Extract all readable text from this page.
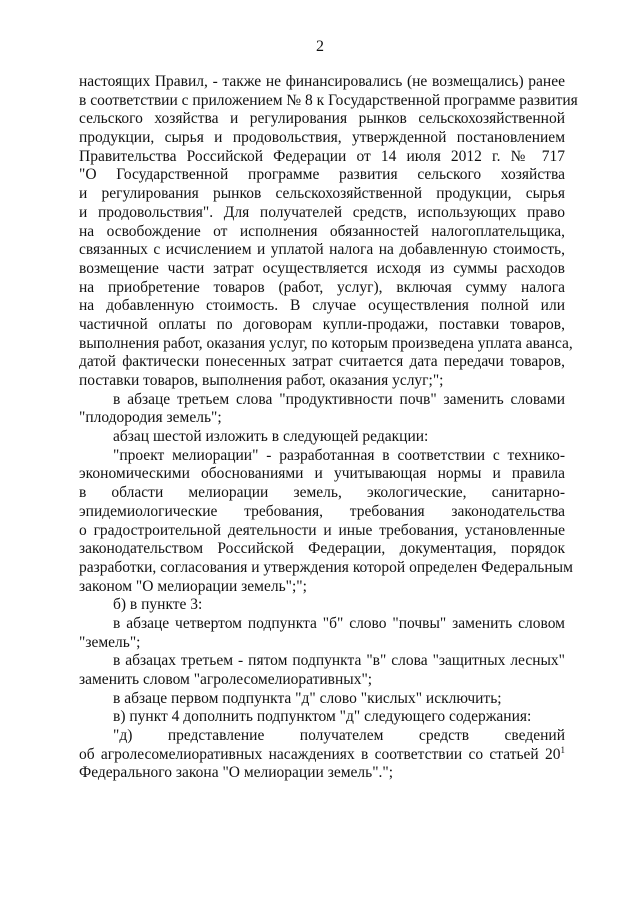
2
настоящих Правил, - также не финансировались (не возмещались) ранее
в соответствии с приложением № 8 к Государственной программе развития
сельского хозяйства и регулирования рынков сельскохозяйственной
продукции, сырья и продовольствия, утвержденной постановлением
Правительства Российской Федерации от 14 июля 2012 г. № 717
"О Государственной программе развития сельского хозяйства
и регулирования рынков сельскохозяйственной продукции, сырья
и продовольствия". Для получателей средств, использующих право
на освобождение от исполнения обязанностей налогоплательщика,
связанных с исчислением и уплатой налога на добавленную стоимость,
возмещение части затрат осуществляется исходя из суммы расходов
на приобретение товаров (работ, услуг), включая сумму налога
на добавленную стоимость. В случае осуществления полной или
частичной оплаты по договорам купли-продажи, поставки товаров,
выполнения работ, оказания услуг, по которым произведена уплата аванса,
датой фактически понесенных затрат считается дата передачи товаров,
поставки товаров, выполнения работ, оказания услуг;";
в абзаце третьем слова "продуктивности почв" заменить словами
"плодородия земель";
абзац шестой изложить в следующей редакции:
"проект мелиорации" - разработанная в соответствии с технико-
экономическими обоснованиями и учитывающая нормы и правила
в области мелиорации земель, экологические, санитарно-
эпидемиологические требования, требования законодательства
о градостроительной деятельности и иные требования, установленные
законодательством Российской Федерации, документация, порядок
разработки, согласования и утверждения которой определен Федеральным
законом "О мелиорации земель";";
б) в пункте 3:
в абзаце четвертом подпункта "б" слово "почвы" заменить словом
"земель";
в абзацах третьем - пятом подпункта "в" слова "защитных лесных"
заменить словом "агролесомелиоративных";
в абзаце первом подпункта "д" слово "кислых" исключить;
в) пункт 4 дополнить подпунктом "д" следующего содержания:
"д) представление получателем средств сведений
об агролесомелиоративных насаждениях в соответствии со статьей $20^1$
Федерального закона "О мелиорации земель".";
